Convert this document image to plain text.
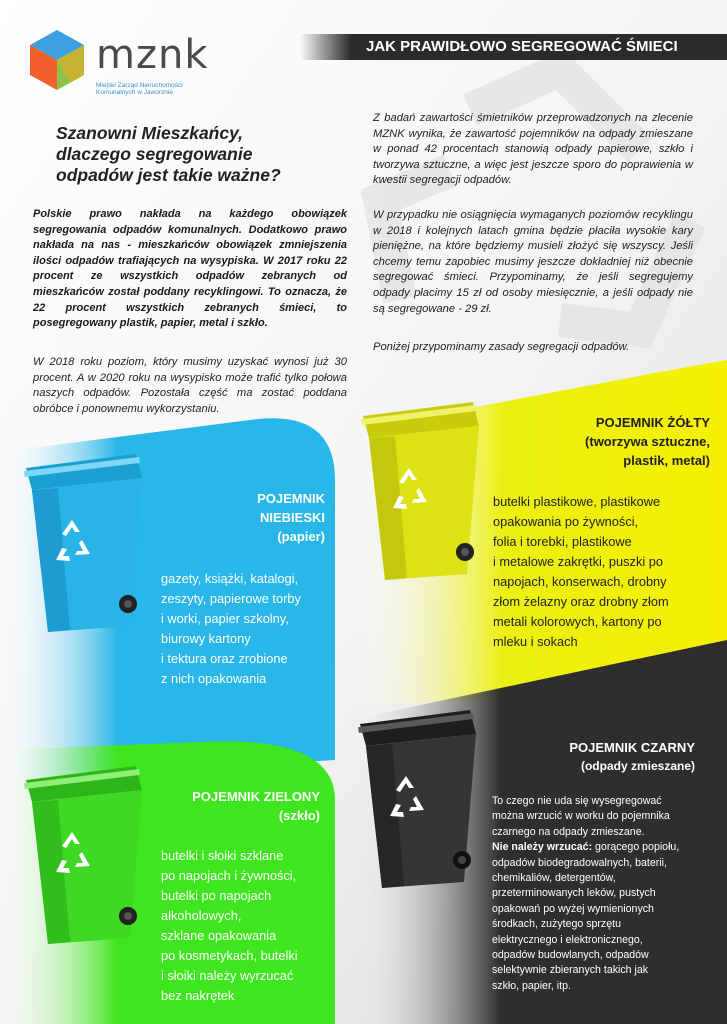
mznk
Miejski Zarząd Nieruchomości
Komunalnych w Jaworznie
JAK PRAWIDŁOWO SEGREGOWAĆ ŚMIECI
Szanowni Mieszkańcy,
dlaczego segregowanie
odpadów jest takie ważne?
Polskie prawo nakłada na każdego obowiązek segregowania odpadów komunalnych. Dodatkowo prawo nakłada na nas - mieszkańców obowiązek zmniejszenia ilości odpadów trafiających na wysypiska. W 2017 roku 22 procent ze wszystkich odpadów zebranych od mieszkańców został poddany recyklingowi. To oznacza, że 22 procent wszystkich zebranych śmieci, to posegregowany plastik, papier, metal i szkło.
W 2018 roku poziom, który musimy uzyskać wynosi już 30 procent. A w 2020 roku na wysypisko może trafić tylko połowa naszych odpadów. Pozostała część ma zostać poddana obróbce i ponownemu wykorzystaniu.
Z badań zawartości śmietników przeprowadzonych na zlecenie MZNK wynika, że zawartość pojemników na odpady zmieszane w ponad 42 procentach stanowią odpady papierowe, szkło i tworzywa sztuczne, a więc jest jeszcze sporo do poprawienia w kwestii segregacji odpadów.
W przypadku nie osiągnięcia wymaganych poziomów recyklingu w 2018 i kolejnych latach gmina będzie płaciła wysokie kary pieniężne, na które będziemy musieli złożyć się wszyscy. Jeśli chcemy temu zapobiec musimy jeszcze dokładniej niż obecnie segregować śmieci. Przypominamy, że jeśli segregujemy odpady płacimy 15 zł od osoby miesięcznie, a jeśli odpady nie są segregowane - 29 zł.
Poniżej przypominamy zasady segregacji odpadów.
POJEMNIK
NIEBIESKI
(papier)
gazety, książki, katalogi,
zeszyty, papierowe torby
i worki, papier szkolny,
biurowy kartony
i tektura oraz zrobione
z nich opakowania
POJEMNIK ŻÓŁTY
(tworzywa sztuczne,
plastik, metal)
butelki plastikowe, plastikowe
opakowania po żywności,
folia i torebki, plastikowe
i metalowe zakrętki, puszki po
napojach, konserwach, drobny
złom żelazny oraz drobny złom
metali kolorowych, kartony po
mleku i sokach
POJEMNIK ZIELONY
(szkło)
butelki i słoiki szklane
po napojach i żywności,
butelki po napojach
alkoholowych,
szklane opakowania
po kosmetykach, butelki
i słoiki należy wyrzucać
bez nakrętek
POJEMNIK CZARNY
(odpady zmieszane)
To czego nie uda się wysegregować
można wrzucić w worku do pojemnika
czarnego na odpady zmieszane.
Nie należy wrzucać: gorącego popiołu,
odpadów biodegradowalnych, baterii,
chemikaliów, detergentów,
przeterminowanych leków, pustych
opakowań po wyżej wymienionych
środkach, zużytego sprzętu
elektrycznego i elektronicznego,
odpadów budowlanych, odpadów
selektywnie zbieranych takich jak
szkło, papier, itp.
